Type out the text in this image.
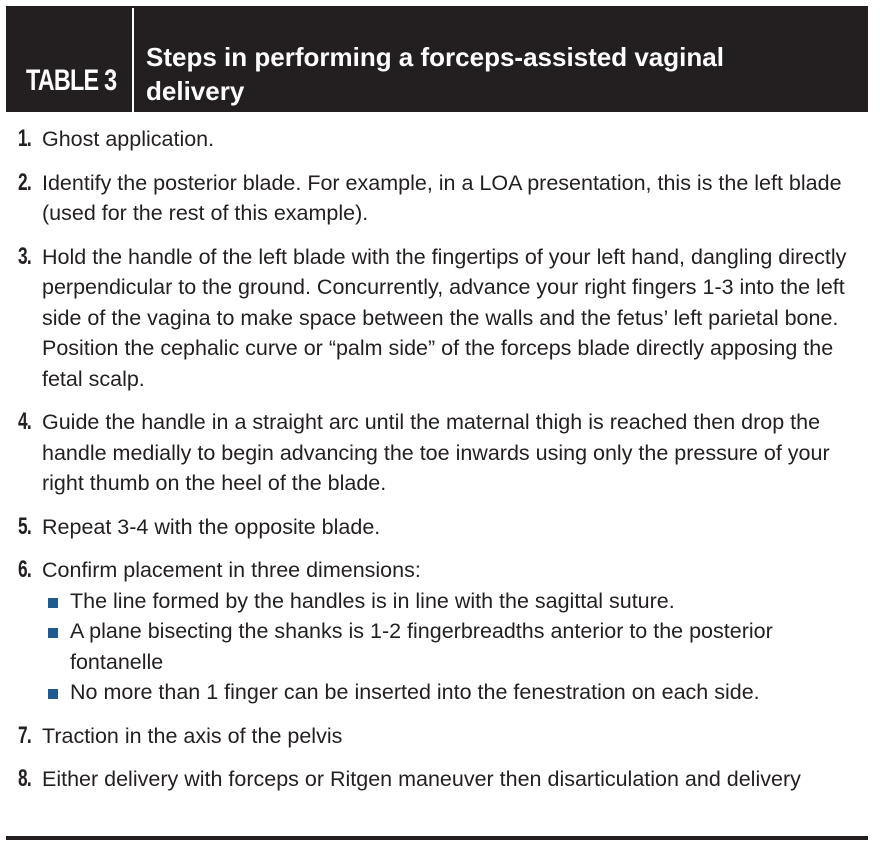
TABLE 3
Steps in performing a forceps-assisted vaginal
delivery
1. Ghost application.
2. Identify the posterior blade. For example, in a LOA presentation, this is the left blade (used for the rest of this example).
3. Hold the handle of the left blade with the fingertips of your left hand, dangling directly perpendicular to the ground. Concurrently, advance your right fingers 1-3 into the left side of the vagina to make space between the walls and the fetus’ left parietal bone. Position the cephalic curve or “palm side” of the forceps blade directly apposing the fetal scalp.
4. Guide the handle in a straight arc until the maternal thigh is reached then drop the handle medially to begin advancing the toe inwards using only the pressure of your right thumb on the heel of the blade.
5. Repeat 3-4 with the opposite blade.
6. Confirm placement in three dimensions:
The line formed by the handles is in line with the sagittal suture.
A plane bisecting the shanks is 1-2 fingerbreadths anterior to the posterior fontanelle
No more than 1 finger can be inserted into the fenestration on each side.
7. Traction in the axis of the pelvis
8. Either delivery with forceps or Ritgen maneuver then disarticulation and delivery
